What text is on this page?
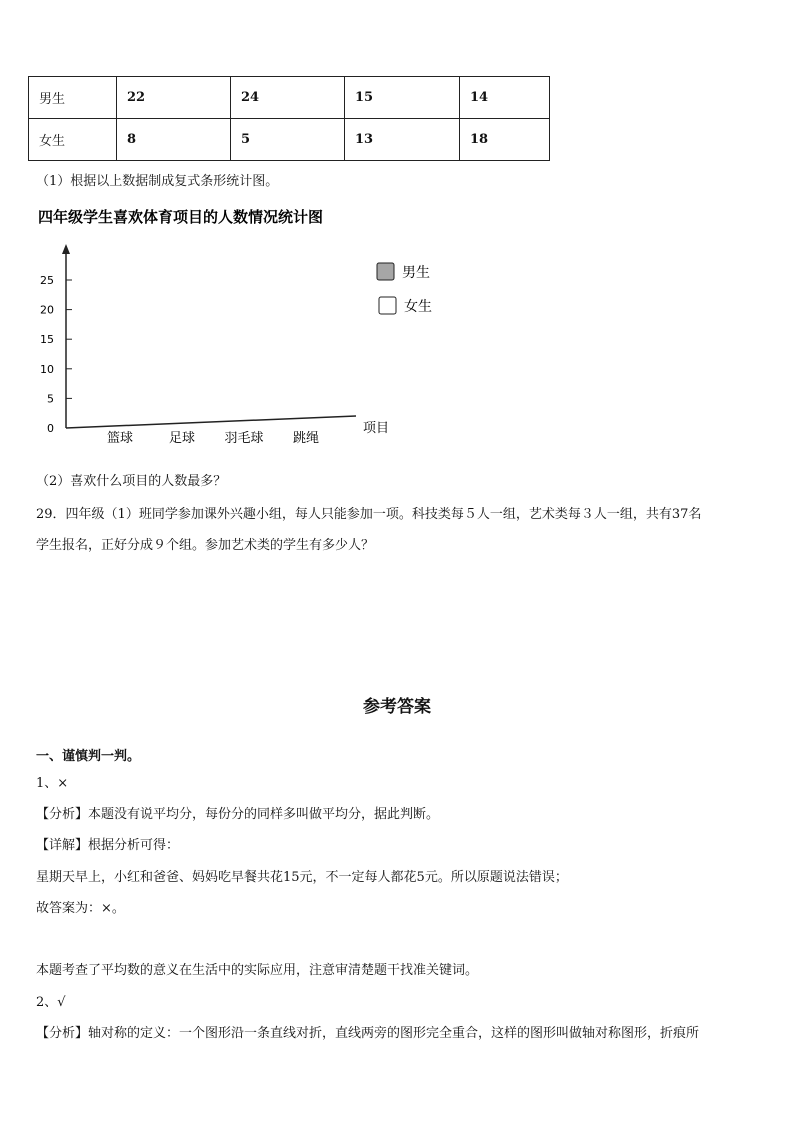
男生	22	24	15	14
女生	8	5	13	18
（1）根据以上数据制成复式条形统计图。
四年级学生喜欢体育项目的人数情况统计图
0
5
10
15
20
25
篮球	足球 羽毛球 跳绳
项目
男生
女生
（2）喜欢什么项目的人数最多？
29．四年级（1）班同学参加课外兴趣小组，每人只能参加一项。科技类每５人一组，艺术类每３人一组，共有37名
学生报名，正好分成９个组。参加艺术类的学生有多少人？
参考答案
一、谨慎判一判。
1、×
【分析】本题没有说平均分，每份分的同样多叫做平均分，据此判断。
【详解】根据分析可得：
星期天早上，小红和爸爸、妈妈吃早餐共花15元，不一定每人都花5元。所以原题说法错误；
故答案为：×。
本题考查了平均数的意义在生活中的实际应用，注意审清楚题干找准关键词。
2、√
【分析】轴对称的定义：一个图形沿一条直线对折，直线两旁的图形完全重合，这样的图形叫做轴对称图形，折痕所
